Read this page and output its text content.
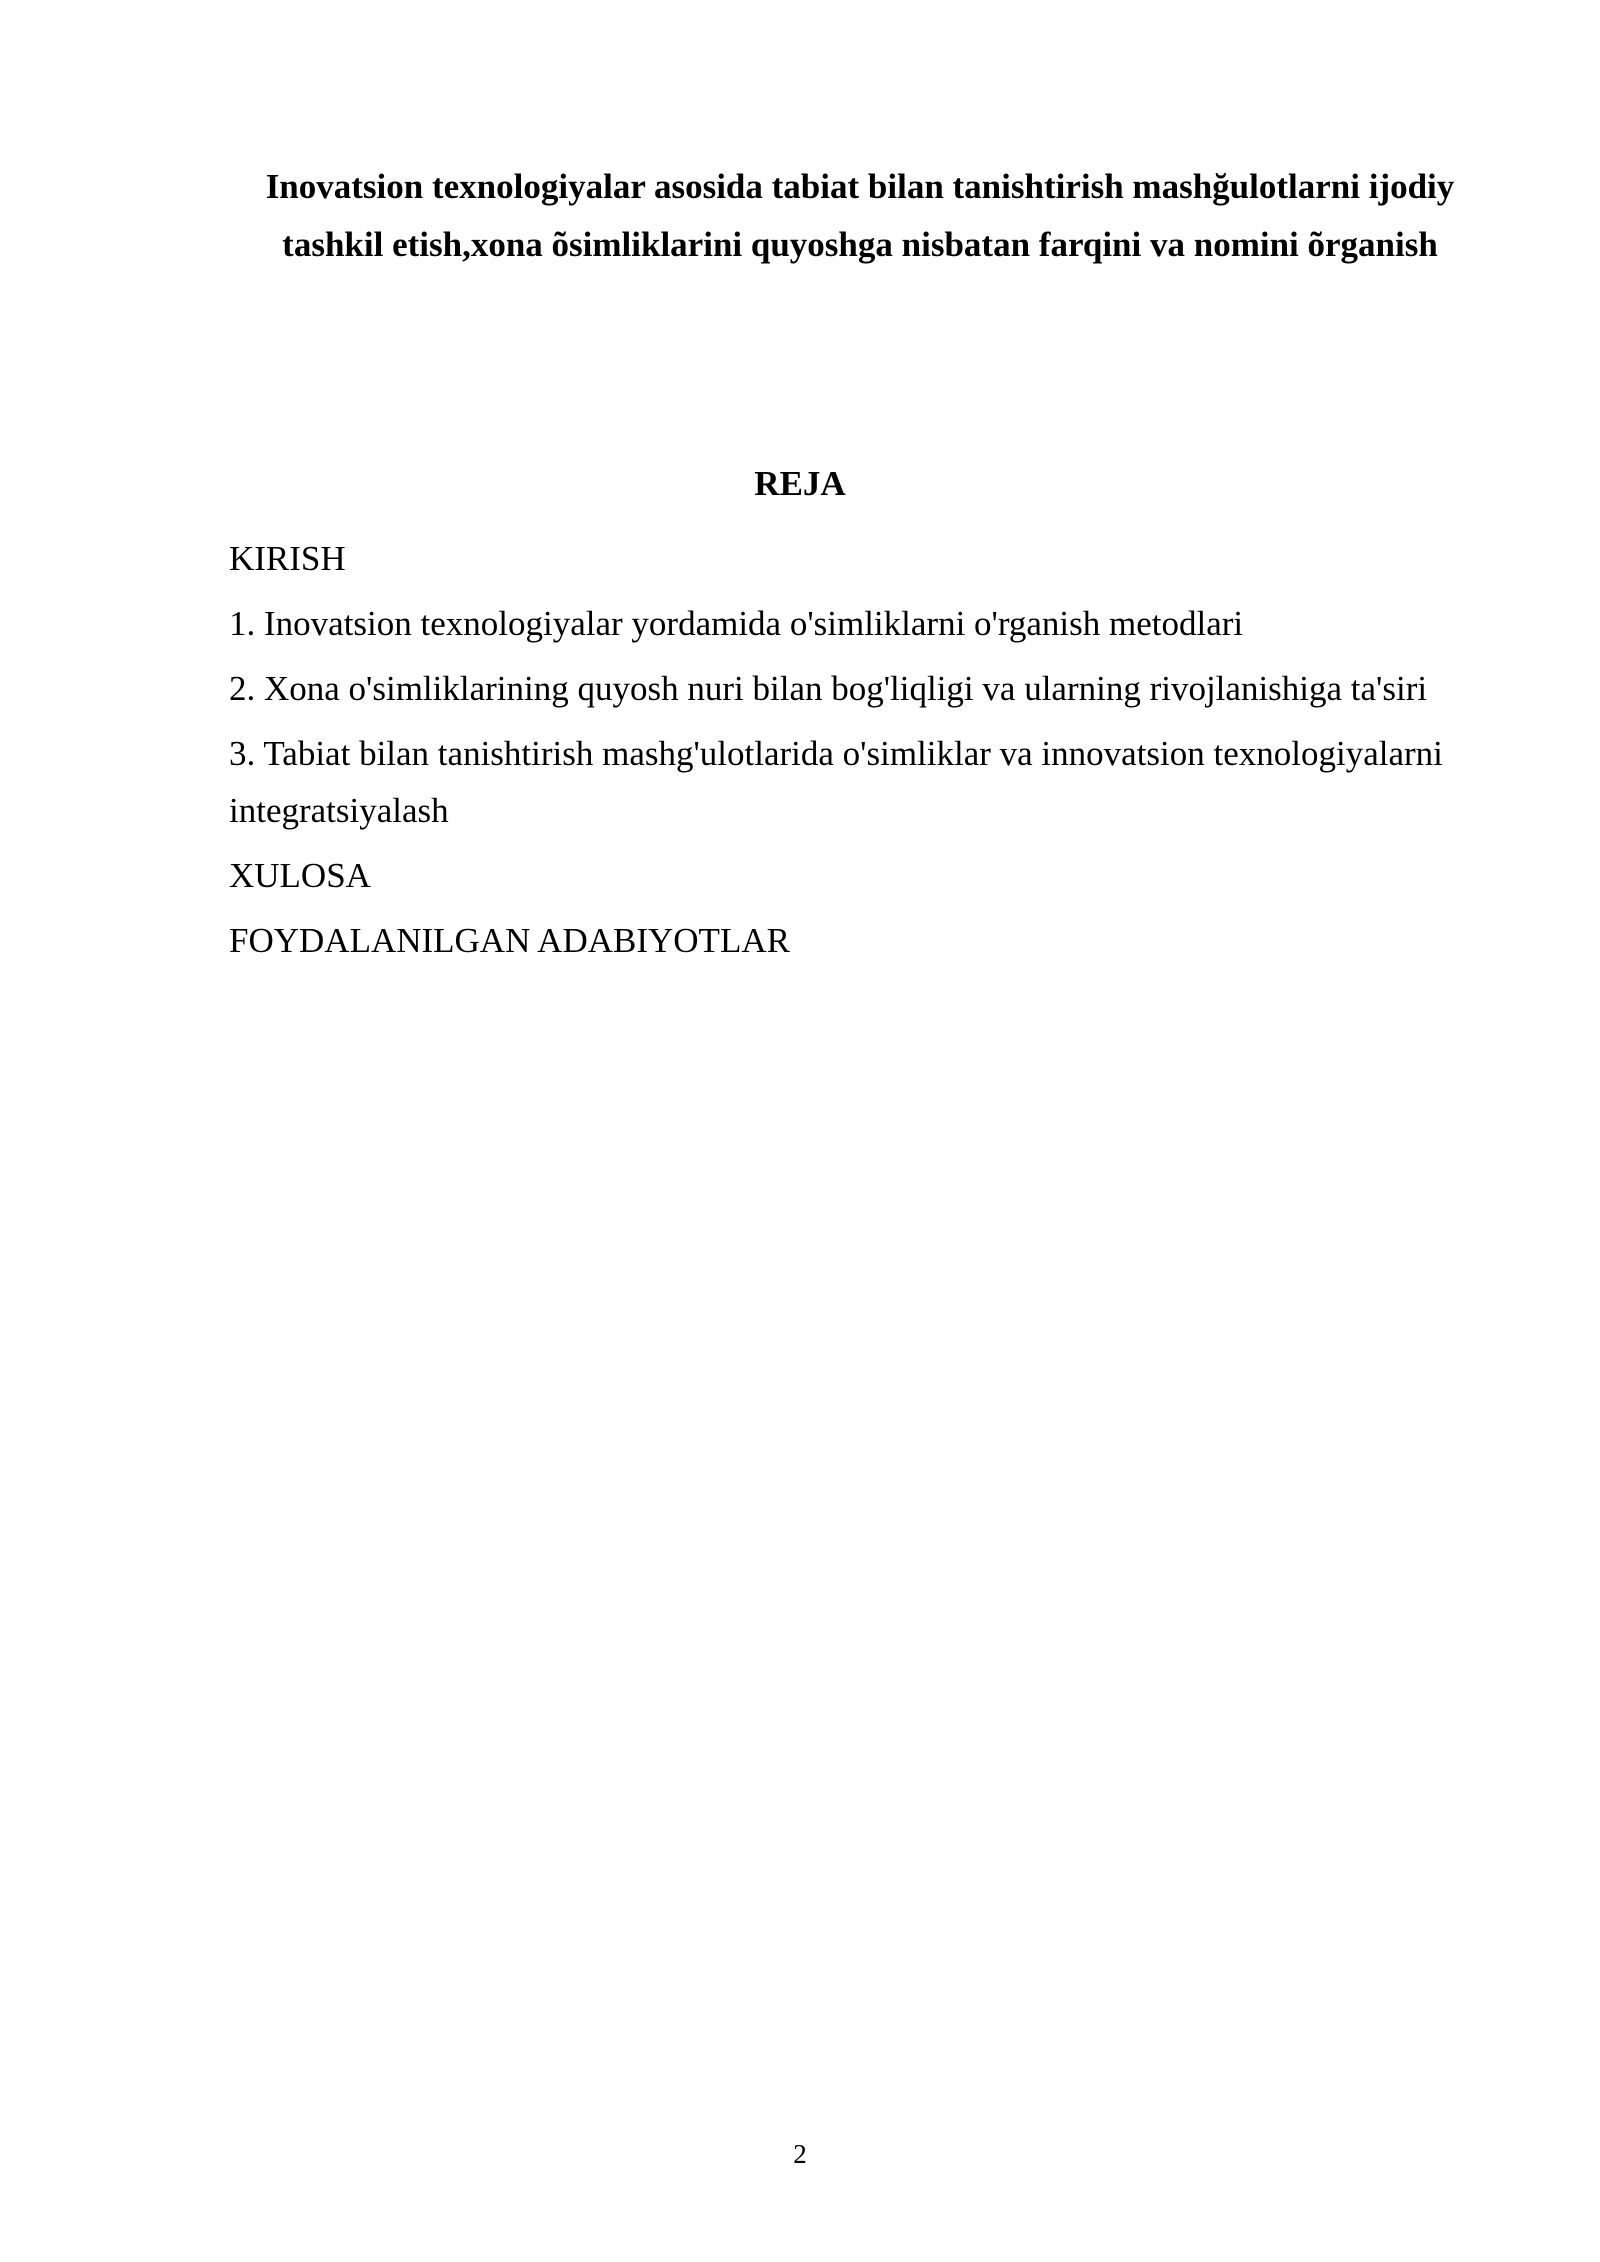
Inovatsion texnologiyalar asosida tabiat bilan tanishtirish mashğulotlarni ijodiy tashkil etish,xona õsimliklarini quyoshga nisbatan farqini va nomini õrganish
REJA
KIRISH
1. Inovatsion texnologiyalar yordamida o'simliklarni o'rganish metodlari
2. Xona o'simliklarining quyosh nuri bilan bog'liqligi va ularning rivojlanishiga ta'siri
3. Tabiat bilan tanishtirish mashg'ulotlarida o'simliklar va innovatsion texnologiyalarni integratsiyalash
XULOSA
FOYDALANILGAN ADABIYOTLAR
2
